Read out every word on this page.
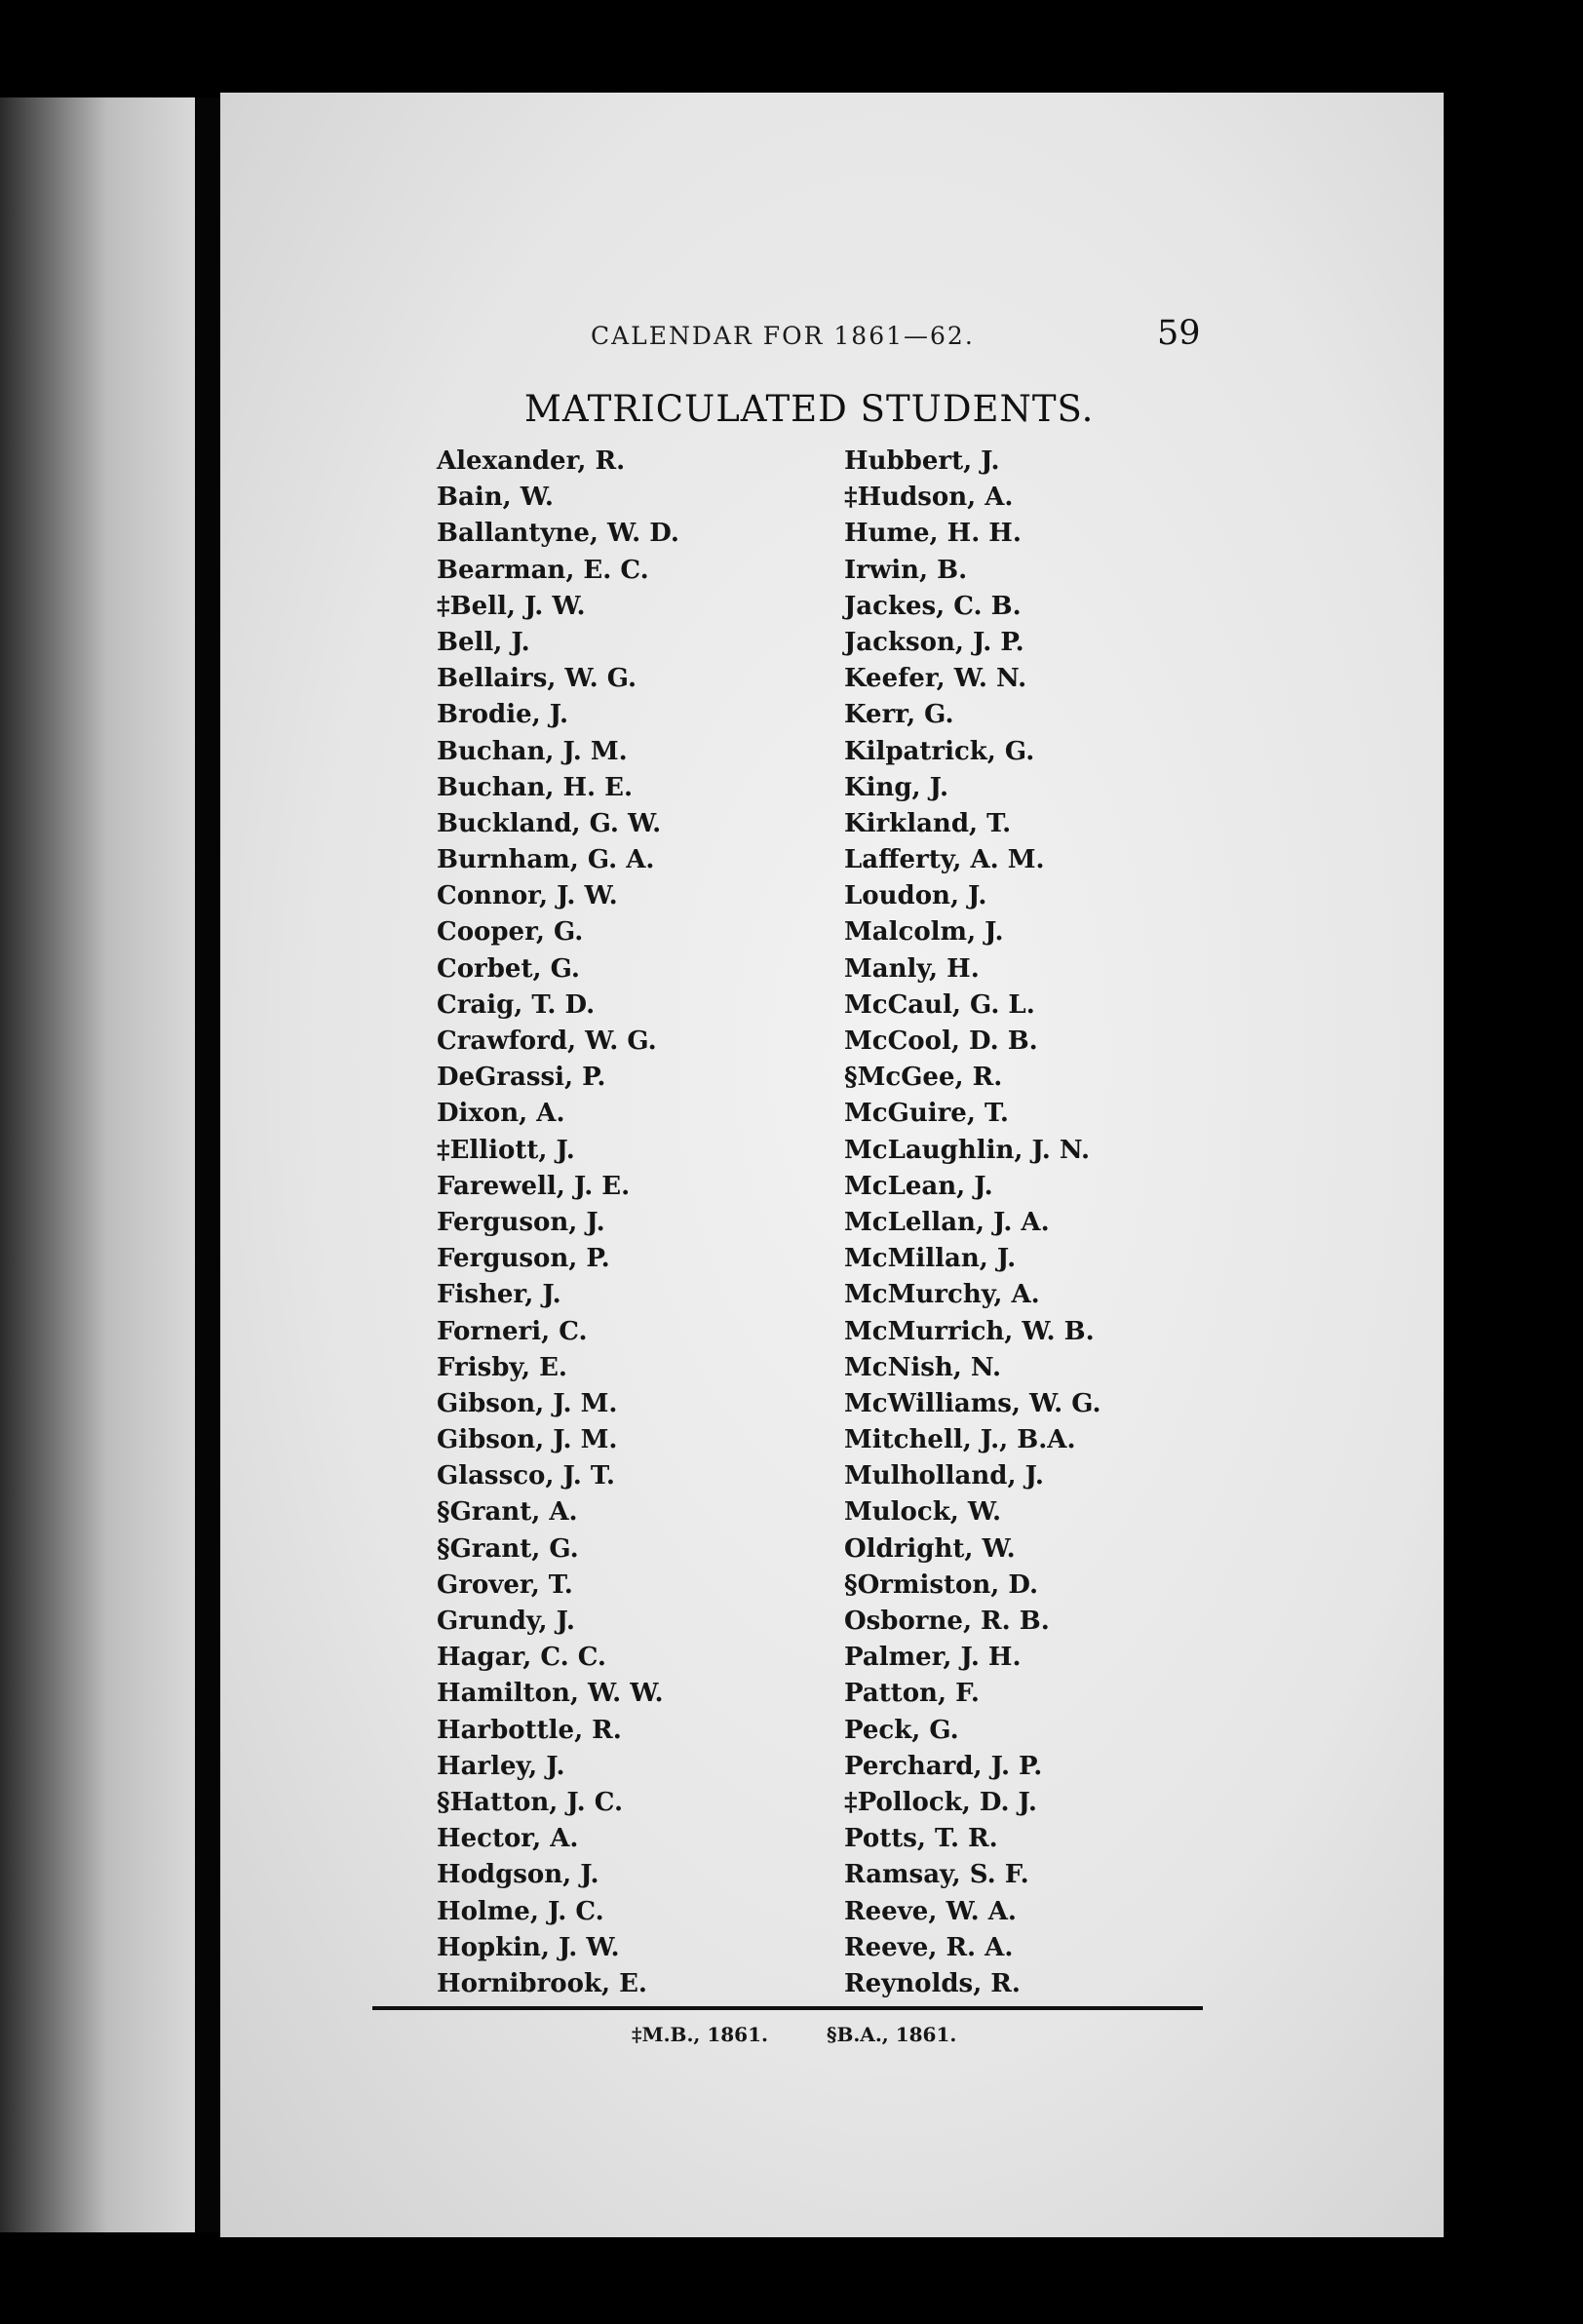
CALENDAR FOR 1861—62.	59
MATRICULATED STUDENTS.
Alexander, R.
Bain, W.
Ballantyne, W. D.
Bearman, E. C.
‡Bell, J. W.
Bell, J.
Bellairs, W. G.
Brodie, J.
Buchan, J. M.
Buchan, H. E.
Buckland, G. W.
Burnham, G. A.
Connor, J. W.
Cooper, G.
Corbet, G.
Craig, T. D.
Crawford, W. G.
DeGrassi, P.
Dixon, A.
‡Elliott, J.
Farewell, J. E.
Ferguson, J.
Ferguson, P.
Fisher, J.
Forneri, C.
Frisby, E.
Gibson, J. M.
Gibson, J. M.
Glassco, J. T.
§Grant, A.
§Grant, G.
Grover, T.
Grundy, J.
Hagar, C. C.
Hamilton, W. W.
Harbottle, R.
Harley, J.
§Hatton, J. C.
Hector, A.
Hodgson, J.
Holme, J. C.
Hopkin, J. W.
Hornibrook, E.
Hubbert, J.
‡Hudson, A.
Hume, H. H.
Irwin, B.
Jackes, C. B.
Jackson, J. P.
Keefer, W. N.
Kerr, G.
Kilpatrick, G.
King, J.
Kirkland, T.
Lafferty, A. M.
Loudon, J.
Malcolm, J.
Manly, H.
McCaul, G. L.
McCool, D. B.
§McGee, R.
McGuire, T.
McLaughlin, J. N.
McLean, J.
McLellan, J. A.
McMillan, J.
McMurchy, A.
McMurrich, W. B.
McNish, N.
McWilliams, W. G.
Mitchell, J., B.A.
Mulholland, J.
Mulock, W.
Oldright, W.
§Ormiston, D.
Osborne, R. B.
Palmer, J. H.
Patton, F.
Peck, G.
Perchard, J. P.
‡Pollock, D. J.
Potts, T. R.
Ramsay, S. F.
Reeve, W. A.
Reeve, R. A.
Reynolds, R.
‡M.B., 1861.	§B.A., 1861.
